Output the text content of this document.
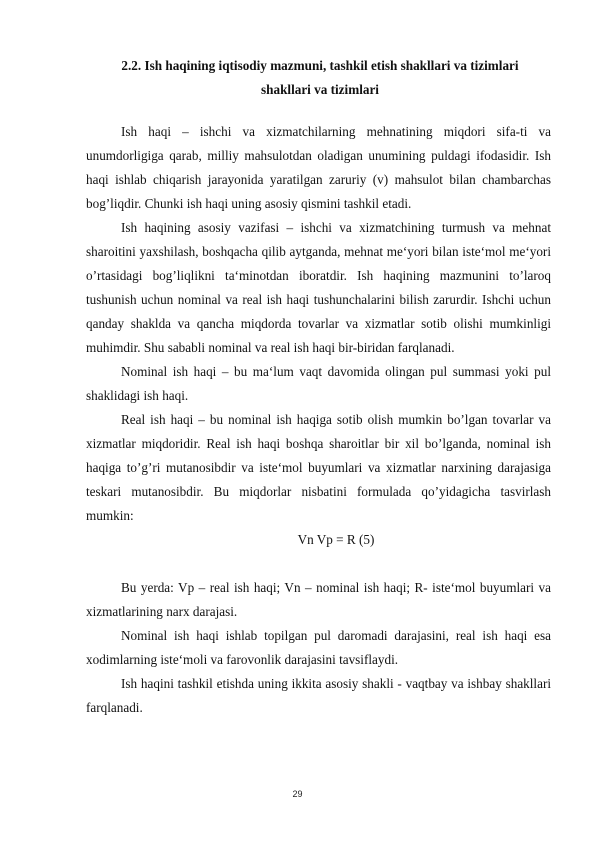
2.2. Ish haqining iqtisodiy mazmuni, tashkil etish shakllari va tizimlari
shakllari va tizimlari

Ish haqi – ishchi va xizmatchilarning mehnatining miqdori sifa-ti va unumdorligiga qarab, milliy mahsulotdan oladigan unumining puldagi ifodasidir. Ish haqi ishlab chiqarish jarayonida yaratilgan zaruriy (v) mahsulot bilan chambarchas bog’liqdir. Chunki ish haqi uning asosiy qismini tashkil etadi.

Ish haqining asosiy vazifasi – ishchi va xizmatchining turmush va mehnat sharoitini yaxshilash, boshqacha qilib aytganda, mehnat me‘yori bilan iste‘mol me‘yori o’rtasidagi bog’liqlikni ta‘minotdan iboratdir. Ish haqining mazmunini to’laroq tushunish uchun nominal va real ish haqi tushunchalarini bilish zarurdir. Ishchi uchun qanday shaklda va qancha miqdorda tovarlar va xizmatlar sotib olishi mumkinligi muhimdir. Shu sababli nominal va real ish haqi bir-biridan farqlanadi.

Nominal ish haqi – bu ma‘lum vaqt davomida olingan pul summasi yoki pul shaklidagi ish haqi.

Real ish haqi – bu nominal ish haqiga sotib olish mumkin bo’lgan tovarlar va xizmatlar miqdoridir. Real ish haqi boshqa sharoitlar bir xil bo’lganda, nominal ish haqiga to’g’ri mutanosibdir va iste‘mol buyumlari va xizmatlar narxining darajasiga teskari mutanosibdir. Bu miqdorlar nisbatini formulada qo’yidagicha tasvirlash mumkin:

Vn Vp = R (5)

Bu yerda: Vp – real ish haqi; Vn – nominal ish haqi; R- iste‘mol buyumlari va xizmatlarining narx darajasi.

Nominal ish haqi ishlab topilgan pul daromadi darajasini, real ish haqi esa xodimlarning iste‘moli va farovonlik darajasini tavsiflaydi.

Ish haqini tashkil etishda uning ikkita asosiy shakli - vaqtbay va ishbay shakllari farqlanadi.

29
